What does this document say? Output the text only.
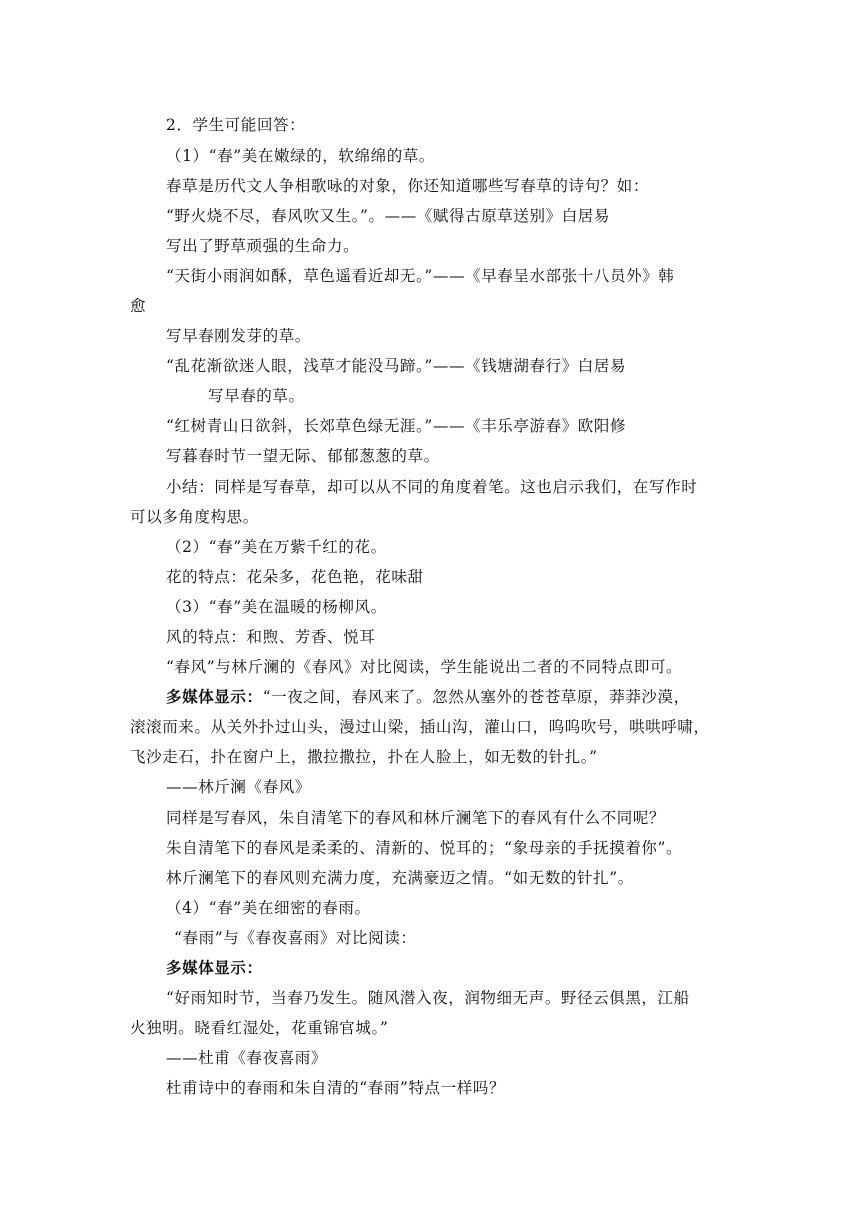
2．学生可能回答：
（1）“春”美在嫩绿的，软绵绵的草。
春草是历代文人争相歌咏的对象，你还知道哪些写春草的诗句？如：
“野火烧不尽，春风吹又生。”。——《赋得古原草送别》白居易
写出了野草顽强的生命力。
“天街小雨润如酥，草色遥看近却无。”——《早春呈水部张十八员外》韩
愈
写早春刚发芽的草。
“乱花渐欲迷人眼，浅草才能没马蹄。”——《钱塘湖春行》白居易
写早春的草。
“红树青山日欲斜，长郊草色绿无涯。”——《丰乐亭游春》欧阳修
写暮春时节一望无际、郁郁葱葱的草。
小结：同样是写春草，却可以从不同的角度着笔。这也启示我们，在写作时
可以多角度构思。
（2）“春”美在万紫千红的花。
花的特点：花朵多，花色艳，花味甜
（3）“春”美在温暖的杨柳风。
风的特点：和煦、芳香、悦耳
“春风”与林斤澜的《春风》对比阅读，学生能说出二者的不同特点即可。
多媒体显示：“一夜之间，春风来了。忽然从塞外的苍苍草原，莽莽沙漠，
滚滚而来。从关外扑过山头，漫过山梁，插山沟，灌山口，呜呜吹号，哄哄呼啸，
飞沙走石，扑在窗户上，撒拉撒拉，扑在人脸上，如无数的针扎。”
——林斤澜《春风》
同样是写春风，朱自清笔下的春风和林斤澜笔下的春风有什么不同呢？
朱自清笔下的春风是柔柔的、清新的、悦耳的；“象母亲的手抚摸着你”。
林斤澜笔下的春风则充满力度，充满豪迈之情。“如无数的针扎”。
（4）“春”美在细密的春雨。
“春雨”与《春夜喜雨》对比阅读：
多媒体显示：
“好雨知时节，当春乃发生。随风潜入夜，润物细无声。野径云俱黑，江船
火独明。晓看红湿处，花重锦官城。”
——杜甫《春夜喜雨》
杜甫诗中的春雨和朱自清的“春雨”特点一样吗？
